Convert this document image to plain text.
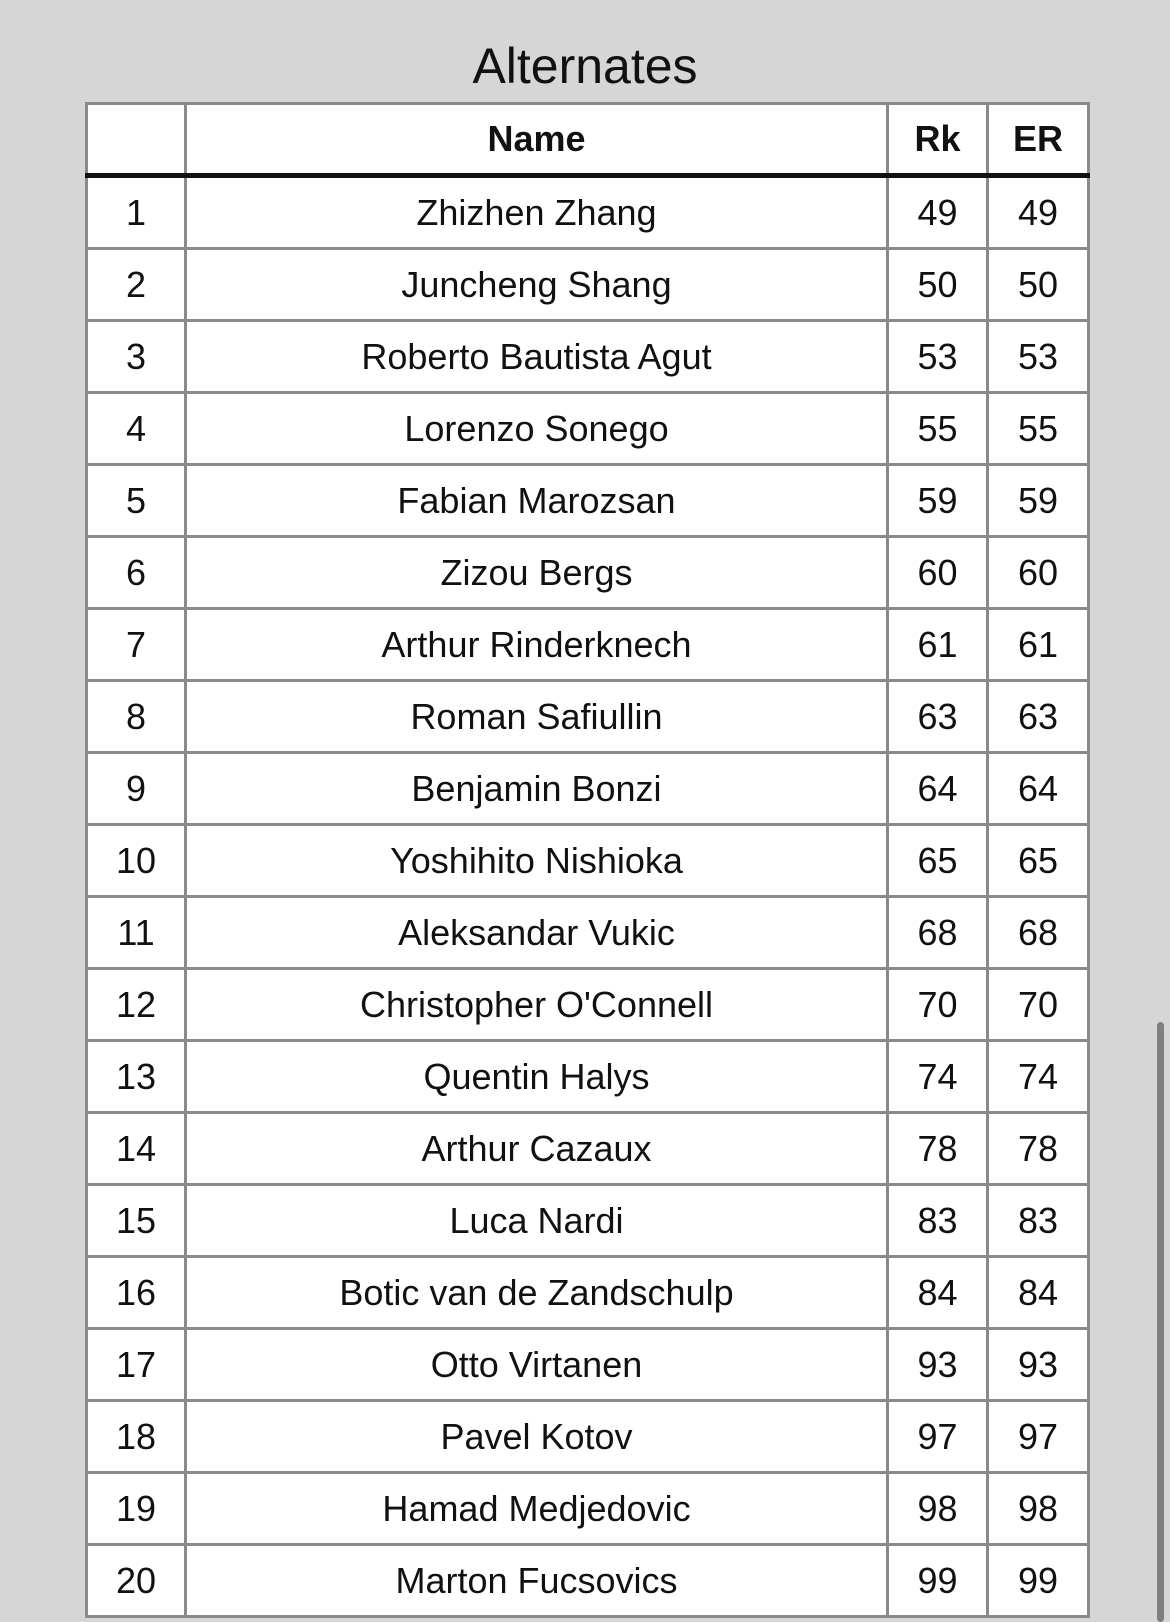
Alternates
	Name	Rk	ER
1	Zhizhen Zhang	49	49
2	Juncheng Shang	50	50
3	Roberto Bautista Agut	53	53
4	Lorenzo Sonego	55	55
5	Fabian Marozsan	59	59
6	Zizou Bergs	60	60
7	Arthur Rinderknech	61	61
8	Roman Safiullin	63	63
9	Benjamin Bonzi	64	64
10	Yoshihito Nishioka	65	65
11	Aleksandar Vukic	68	68
12	Christopher O'Connell	70	70
13	Quentin Halys	74	74
14	Arthur Cazaux	78	78
15	Luca Nardi	83	83
16	Botic van de Zandschulp	84	84
17	Otto Virtanen	93	93
18	Pavel Kotov	97	97
19	Hamad Medjedovic	98	98
20	Marton Fucsovics	99	99
